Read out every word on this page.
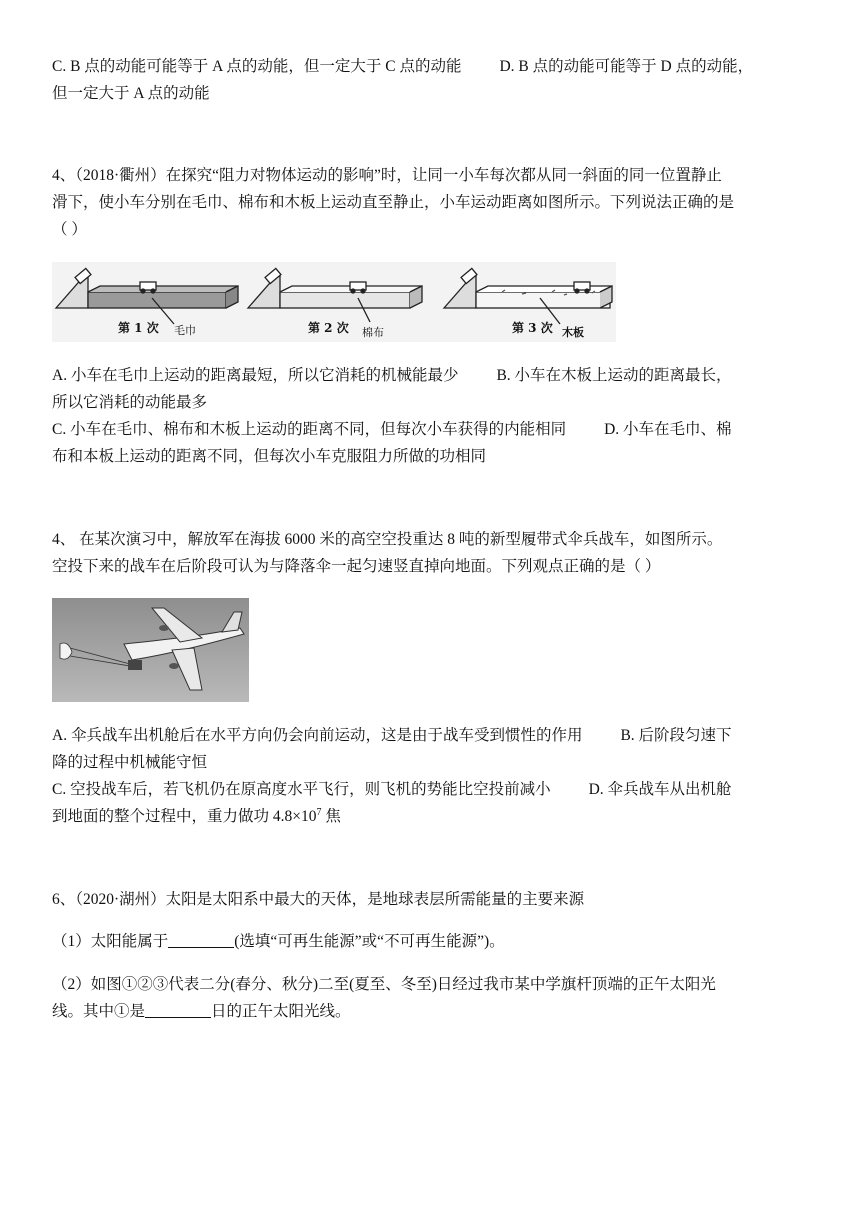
C. B 点的动能可能等于 A 点的动能，但一定大于 C 点的动能 D. B 点的动能可能等于 D 点的动能，
但一定大于 A 点的动能
4、（2018·衢州）在探究“阻力对物体运动的影响”时，让同一小车每次都从同一斜面的同一位置静止
滑下，使小车分别在毛巾、棉布和木板上运动直至静止，小车运动距离如图所示。下列说法正确的是
（ ）
第 1 次 毛巾	第 2 次 棉布	第 3 次 木板
A. 小车在毛巾上运动的距离最短，所以它消耗的机械能最少 B. 小车在木板上运动的距离最长，
所以它消耗的动能最多
C. 小车在毛巾、棉布和木板上运动的距离不同，但每次小车获得的内能相同 D. 小车在毛巾、棉
布和本板上运动的距离不同，但每次小车克服阻力所做的功相同
4、 在某次演习中，解放军在海拔 6000 米的高空空投重达 8 吨的新型履带式伞兵战车，如图所示。
空投下来的战车在后阶段可认为与降落伞一起匀速竖直掉向地面。下列观点正确的是（ ）
A. 伞兵战车出机舱后在水平方向仍会向前运动，这是由于战车受到惯性的作用 B. 后阶段匀速下
降的过程中机械能守恒
C. 空投战车后，若飞机仍在原高度水平飞行，则飞机的势能比空投前减小 D. 伞兵战车从出机舱
到地面的整个过程中，重力做功 $4.8\times 10^7$ 焦
6、（2020·湖州）太阳是太阳系中最大的天体，是地球表层所需能量的主要来源
（1）太阳能属于	(选填“可再生能源”或“不可再生能源”)。
（2）如图①②③代表二分(春分、秋分)二至(夏至、冬至)日经过我市某中学旗杆顶端的正午太阳光
线。其中①是	日的正午太阳光线。
